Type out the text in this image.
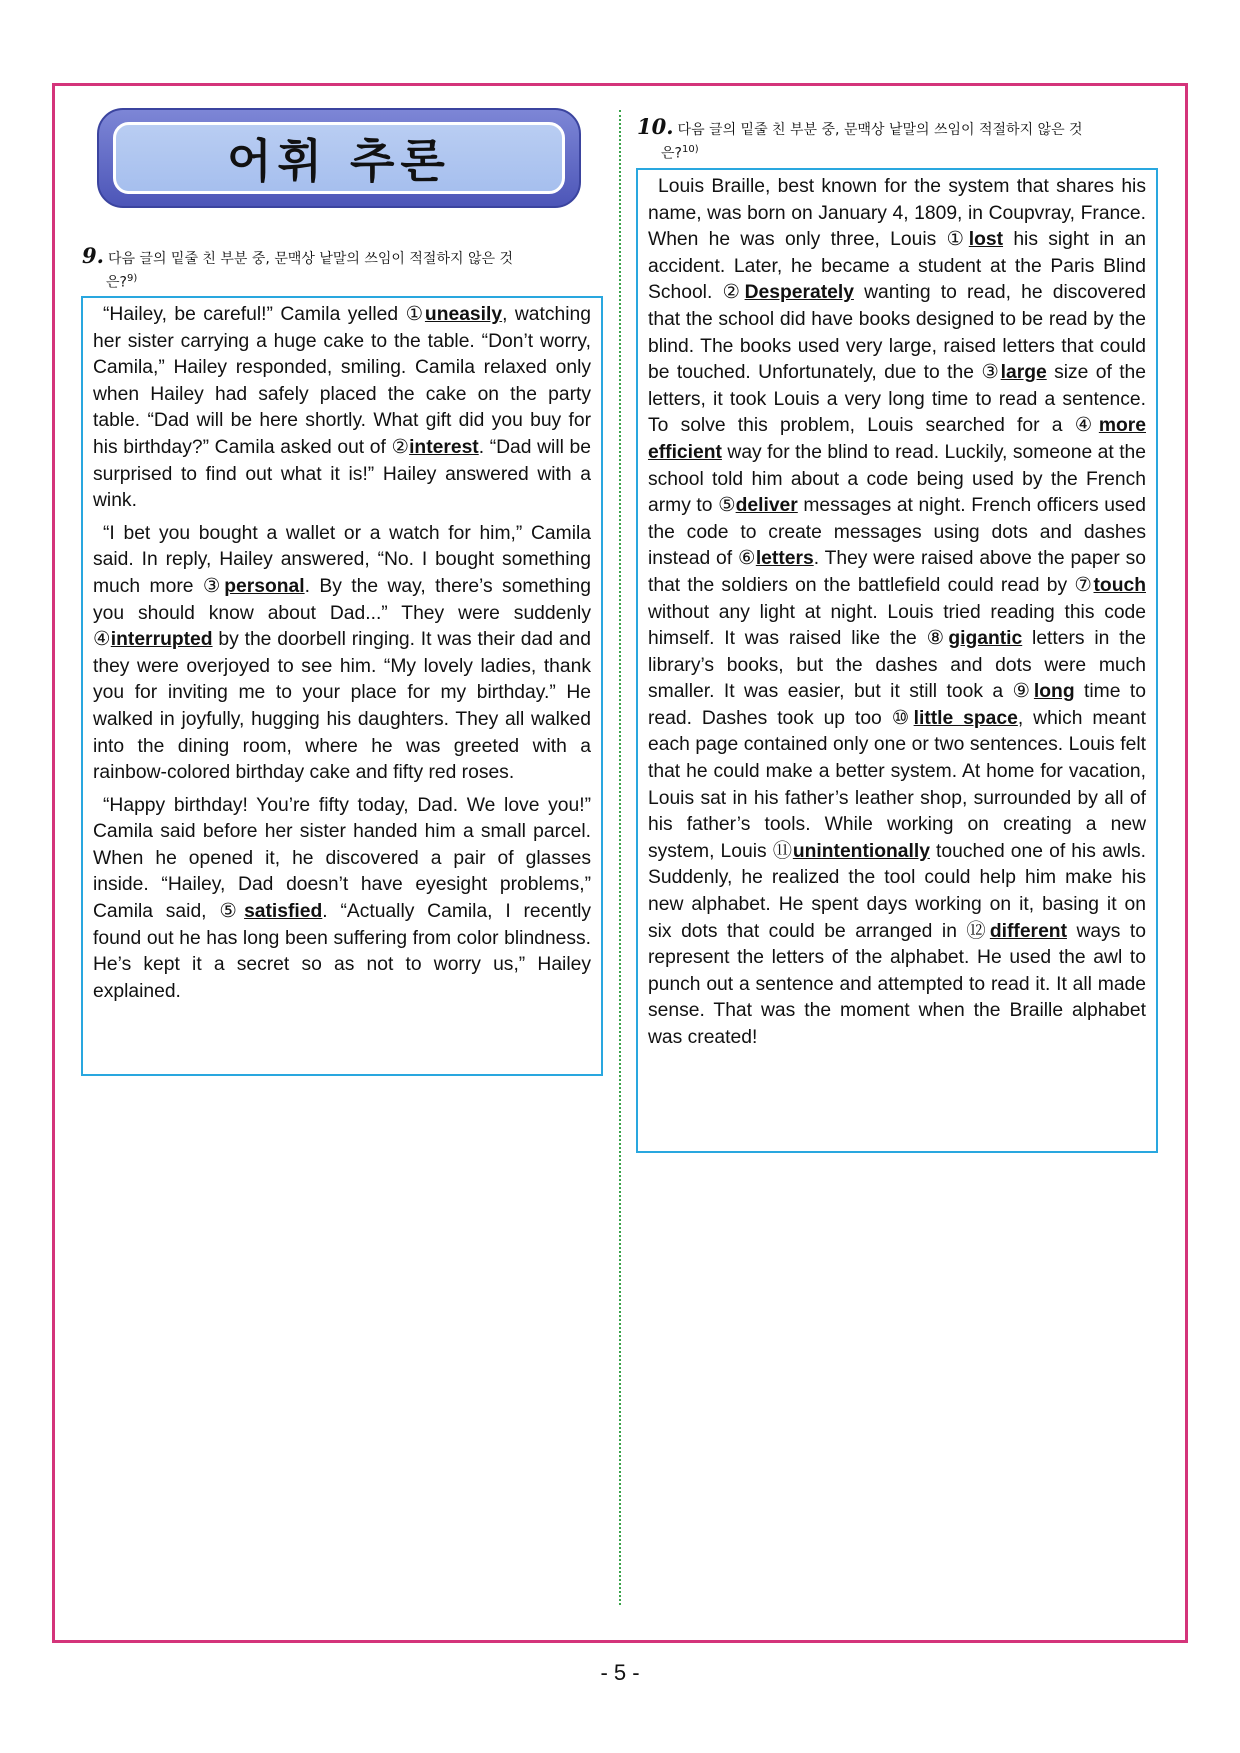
어휘 추론
9. 다음 글의 밑줄 친 부분 중, 문맥상 낱말의 쓰임이 적절하지 않은 것
은?$^{9)}$

“Hailey, be careful!” Camila yelled ①uneasily, watching her sister carrying a huge cake to the table. “Don’t worry, Camila,” Hailey responded, smiling. Camila relaxed only when Hailey had safely placed the cake on the party table. “Dad will be here shortly. What gift did you buy for his birthday?” Camila asked out of ②interest. “Dad will be surprised to find out what it is!” Hailey answered with a wink.

“I bet you bought a wallet or a watch for him,” Camila said. In reply, Hailey answered, “No. I bought something much more ③personal. By the way, there’s something you should know about Dad...” They were suddenly ④interrupted by the doorbell ringing. It was their dad and they were overjoyed to see him. “My lovely ladies, thank you for inviting me to your place for my birthday.” He walked in joyfully, hugging his daughters. They all walked into the dining room, where he was greeted with a rainbow-colored birthday cake and fifty red roses.

“Happy birthday! You’re fifty today, Dad. We love you!” Camila said before her sister handed him a small parcel. When he opened it, he discovered a pair of glasses inside. “Hailey, Dad doesn’t have eyesight problems,” Camila said, ⑤satisfied. “Actually Camila, I recently found out he has long been suffering from color blindness. He’s kept it a secret so as not to worry us,” Hailey explained.

10. 다음 글의 밑줄 친 부분 중, 문맥상 낱말의 쓰임이 적절하지 않은 것
은?$^{10)}$

Louis Braille, best known for the system that shares his name, was born on January 4, 1809, in Coupvray, France. When he was only three, Louis ①lost his sight in an accident. Later, he became a student at the Paris Blind School. ②Desperately wanting to read, he discovered that the school did have books designed to be read by the blind. The books used very large, raised letters that could be touched. Unfortunately, due to the ③large size of the letters, it took Louis a very long time to read a sentence. To solve this problem, Louis searched for a ④more efficient way for the blind to read. Luckily, someone at the school told him about a code being used by the French army to ⑤deliver messages at night. French officers used the code to create messages using dots and dashes instead of ⑥letters. They were raised above the paper so that the soldiers on the battlefield could read by ⑦touch without any light at night. Louis tried reading this code himself. It was raised like the ⑧gigantic letters in the library’s books, but the dashes and dots were much smaller. It was easier, but it still took a ⑨long time to read. Dashes took up too ⑩little space, which meant each page contained only one or two sentences. Louis felt that he could make a better system. At home for vacation, Louis sat in his father’s leather shop, surrounded by all of his father’s tools. While working on creating a new system, Louis ⑪unintentionally touched one of his awls. Suddenly, he realized the tool could help him make his new alphabet. He spent days working on it, basing it on six dots that could be arranged in ⑫different ways to represent the letters of the alphabet. He used the awl to punch out a sentence and attempted to read it. It all made sense. That was the moment when the Braille alphabet was created!

- 5 -
